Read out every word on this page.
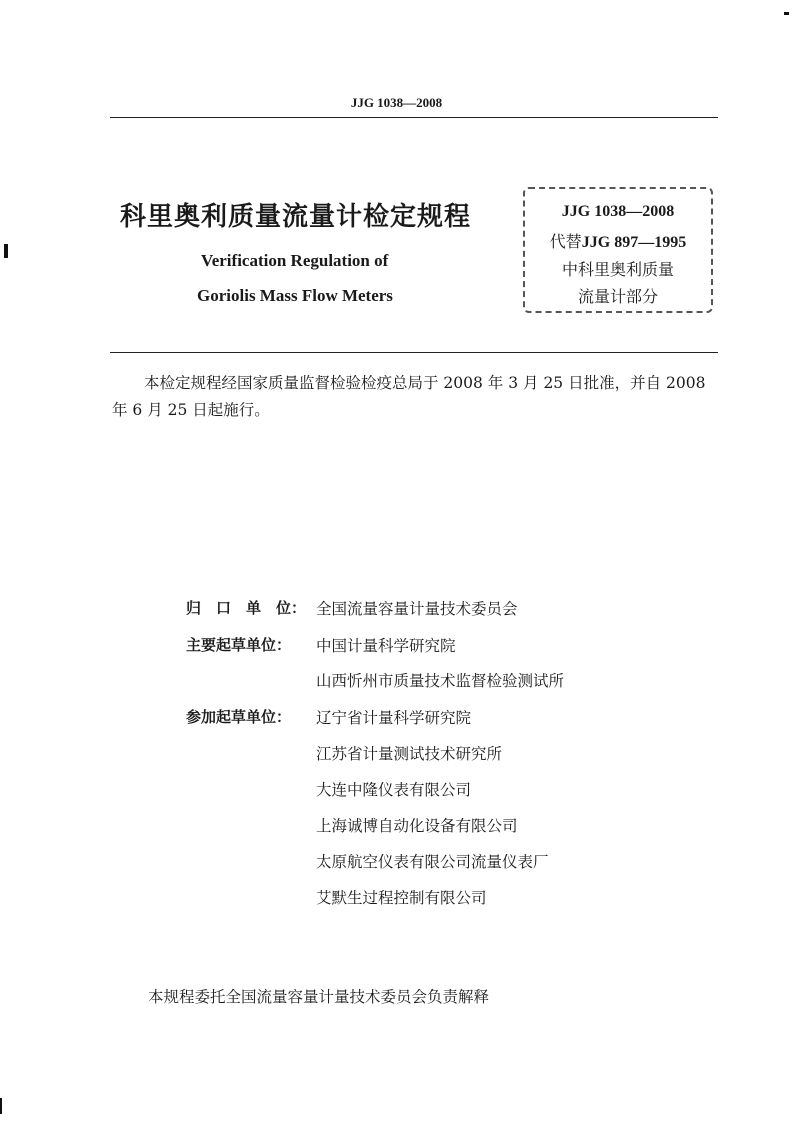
JJG 1038—2008
科里奥利质量流量计检定规程
Verification Regulation of
Goriolis Mass Flow Meters
JJG 1038—2008
代替JJG 897—1995
中科里奥利质量
流量计部分
本检定规程经国家质量监督检验检疫总局于 2008 年 3 月 25 日批准，并自 2008 年 6 月 25 日起施行。
归　口　单　位： 全国流量容量计量技术委员会
主要起草单位： 中国计量科学研究院
山西忻州市质量技术监督检验测试所
参加起草单位： 辽宁省计量科学研究院
江苏省计量测试技术研究所
大连中隆仪表有限公司
上海诚博自动化设备有限公司
太原航空仪表有限公司流量仪表厂
艾默生过程控制有限公司
本规程委托全国流量容量计量技术委员会负责解释
